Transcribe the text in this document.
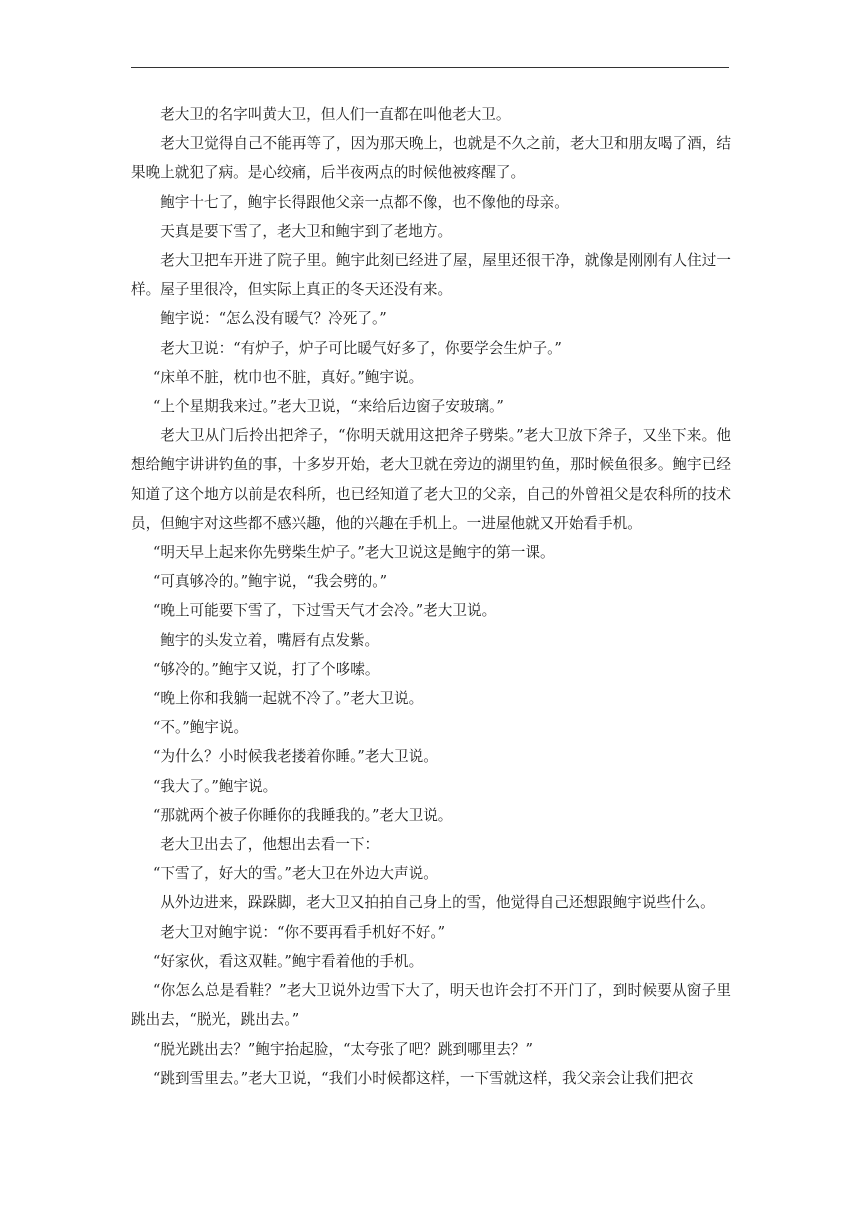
老大卫的名字叫黄大卫，但人们一直都在叫他老大卫。

老大卫觉得自己不能再等了，因为那天晚上，也就是不久之前，老大卫和朋友喝了酒，结果晚上就犯了病。是心绞痛，后半夜两点的时候他被疼醒了。

鲍宇十七了，鲍宇长得跟他父亲一点都不像，也不像他的母亲。

天真是要下雪了，老大卫和鲍宇到了老地方。

老大卫把车开进了院子里。鲍宇此刻已经进了屋，屋里还很干净，就像是刚刚有人住过一样。屋子里很冷，但实际上真正的冬天还没有来。

鲍宇说：“怎么没有暖气？冷死了。”

老大卫说：“有炉子，炉子可比暖气好多了，你要学会生炉子。”

“床单不脏，枕巾也不脏，真好。”鲍宇说。

“上个星期我来过。”老大卫说，“来给后边窗子安玻璃。”

老大卫从门后拎出把斧子，“你明天就用这把斧子劈柴。”老大卫放下斧子，又坐下来。他想给鲍宇讲讲钓鱼的事，十多岁开始，老大卫就在旁边的湖里钓鱼，那时候鱼很多。鲍宇已经知道了这个地方以前是农科所，也已经知道了老大卫的父亲，自己的外曾祖父是农科所的技术员，但鲍宇对这些都不感兴趣，他的兴趣在手机上。一进屋他就又开始看手机。

“明天早上起来你先劈柴生炉子。”老大卫说这是鲍宇的第一课。

“可真够冷的。”鲍宇说，“我会劈的。”

“晚上可能要下雪了，下过雪天气才会冷。”老大卫说。

鲍宇的头发立着，嘴唇有点发紫。

“够冷的。”鲍宇又说，打了个哆嗦。

“晚上你和我躺一起就不冷了。”老大卫说。

“不。”鲍宇说。

“为什么？小时候我老搂着你睡。”老大卫说。

“我大了。”鲍宇说。

“那就两个被子你睡你的我睡我的。”老大卫说。

老大卫出去了，他想出去看一下：

“下雪了，好大的雪。”老大卫在外边大声说。

从外边进来，跺跺脚，老大卫又拍拍自己身上的雪，他觉得自己还想跟鲍宇说些什么。

老大卫对鲍宇说：“你不要再看手机好不好。”

“好家伙，看这双鞋。”鲍宇看着他的手机。

“你怎么总是看鞋？”老大卫说外边雪下大了，明天也许会打不开门了，到时候要从窗子里跳出去，“脱光，跳出去。”

“脱光跳出去？”鲍宇抬起脸，“太夸张了吧？跳到哪里去？”

“跳到雪里去。”老大卫说，“我们小时候都这样，一下雪就这样，我父亲会让我们把衣
